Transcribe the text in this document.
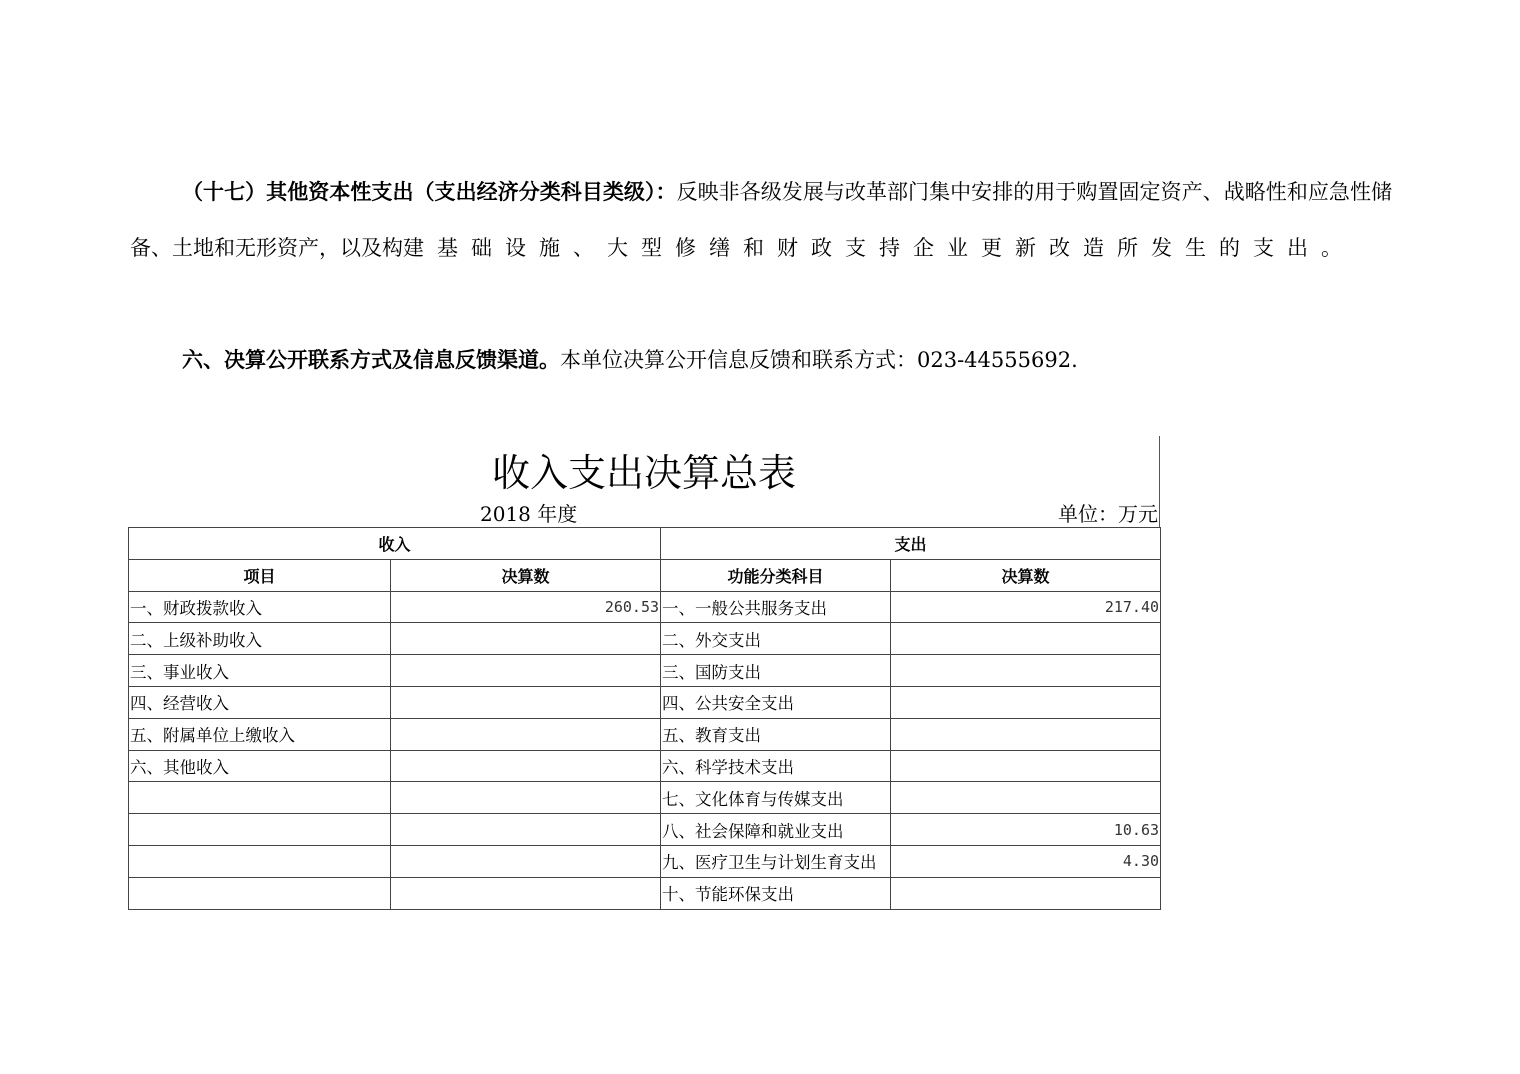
（十七）其他资本性支出（支出经济分类科目类级）：反映非各级发展与改革部门集中安排的用于购置固定资产、战略性和应急性储备、土地和无形资产，以及构建基础设施、大型修缮和财政支持企业更新改造所发生的支出。
六、决算公开联系方式及信息反馈渠道。本单位决算公开信息反馈和联系方式：023-44555692.
收入支出决算总表
2018 年度	单位：万元
收入		支出	
项目	决算数	功能分类科目	决算数
一、财政拨款收入	260.53	一、一般公共服务支出	217.40
二、上级补助收入		二、外交支出	
三、事业收入		三、国防支出	
四、经营收入		四、公共安全支出	
五、附属单位上缴收入		五、教育支出	
六、其他收入		六、科学技术支出	
		七、文化体育与传媒支出	
		八、社会保障和就业支出	10.63
		九、医疗卫生与计划生育支出	4.30
		十、节能环保支出	
